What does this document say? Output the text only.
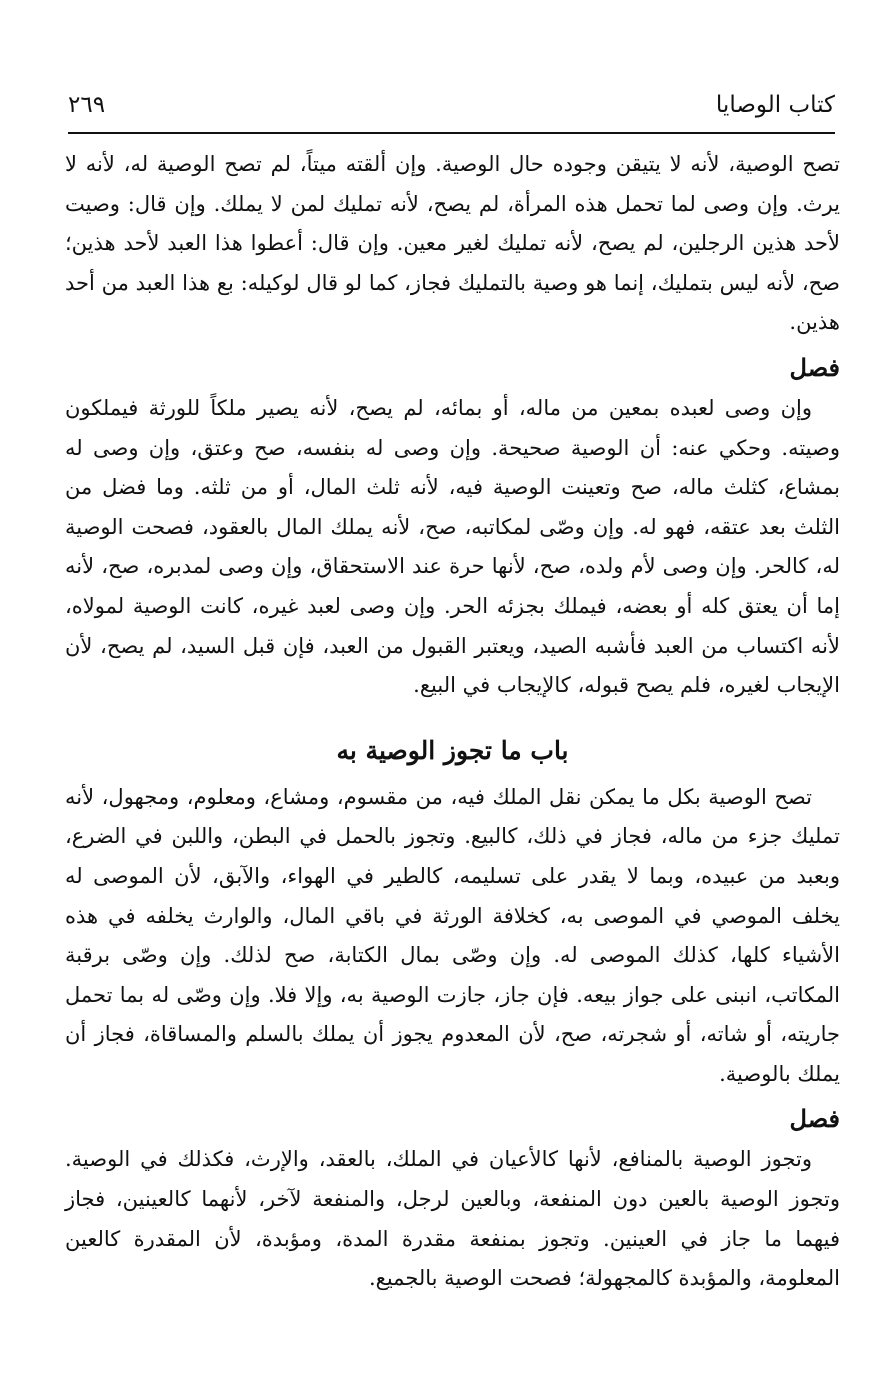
كتاب الوصايا
٢٦٩

تصح الوصية، لأنه لا يتيقن وجوده حال الوصية. وإن ألقته ميتاً، لم تصح الوصية له، لأنه لا يرث. وإن وصى لما تحمل هذه المرأة، لم يصح، لأنه تمليك لمن لا يملك. وإن قال: وصيت لأحد هذين الرجلين، لم يصح، لأنه تمليك لغير معين. وإن قال: أعطوا هذا العبد لأحد هذين؛ صح، لأنه ليس بتمليك، إنما هو وصية بالتمليك فجاز، كما لو قال لوكيله: بع هذا العبد من أحد هذين.

فصل

وإن وصى لعبده بمعين من ماله، أو بمائه، لم يصح، لأنه يصير ملكاً للورثة فيملكون وصيته. وحكي عنه: أن الوصية صحيحة. وإن وصى له بنفسه، صح وعتق، وإن وصى له بمشاع، كثلث ماله، صح وتعينت الوصية فيه، لأنه ثلث المال، أو من ثلثه. وما فضل من الثلث بعد عتقه، فهو له. وإن وصّى لمكاتبه، صح، لأنه يملك المال بالعقود، فصحت الوصية له، كالحر. وإن وصى لأم ولده، صح، لأنها حرة عند الاستحقاق، وإن وصى لمدبره، صح، لأنه إما أن يعتق كله أو بعضه، فيملك بجزئه الحر. وإن وصى لعبد غيره، كانت الوصية لمولاه، لأنه اكتساب من العبد فأشبه الصيد، ويعتبر القبول من العبد، فإن قبل السيد، لم يصح، لأن الإيجاب لغيره، فلم يصح قبوله، كالإيجاب في البيع.

باب ما تجوز الوصية به

تصح الوصية بكل ما يمكن نقل الملك فيه، من مقسوم، ومشاع، ومعلوم، ومجهول، لأنه تمليك جزء من ماله، فجاز في ذلك، كالبيع. وتجوز بالحمل في البطن، واللبن في الضرع، وبعبد من عبيده، وبما لا يقدر على تسليمه، كالطير في الهواء، والآبق، لأن الموصى له يخلف الموصي في الموصى به، كخلافة الورثة في باقي المال، والوارث يخلفه في هذه الأشياء كلها، كذلك الموصى له. وإن وصّى بمال الكتابة، صح لذلك. وإن وصّى برقبة المكاتب، انبنى على جواز بيعه. فإن جاز، جازت الوصية به، وإلا فلا. وإن وصّى له بما تحمل جاريته، أو شاته، أو شجرته، صح، لأن المعدوم يجوز أن يملك بالسلم والمساقاة، فجاز أن يملك بالوصية.

فصل

وتجوز الوصية بالمنافع، لأنها كالأعيان في الملك، بالعقد، والإرث، فكذلك في الوصية. وتجوز الوصية بالعين دون المنفعة، وبالعين لرجل، والمنفعة لآخر، لأنهما كالعينين، فجاز فيهما ما جاز في العينين. وتجوز بمنفعة مقدرة المدة، ومؤبدة، لأن المقدرة كالعين المعلومة، والمؤبدة كالمجهولة؛ فصحت الوصية بالجميع.
